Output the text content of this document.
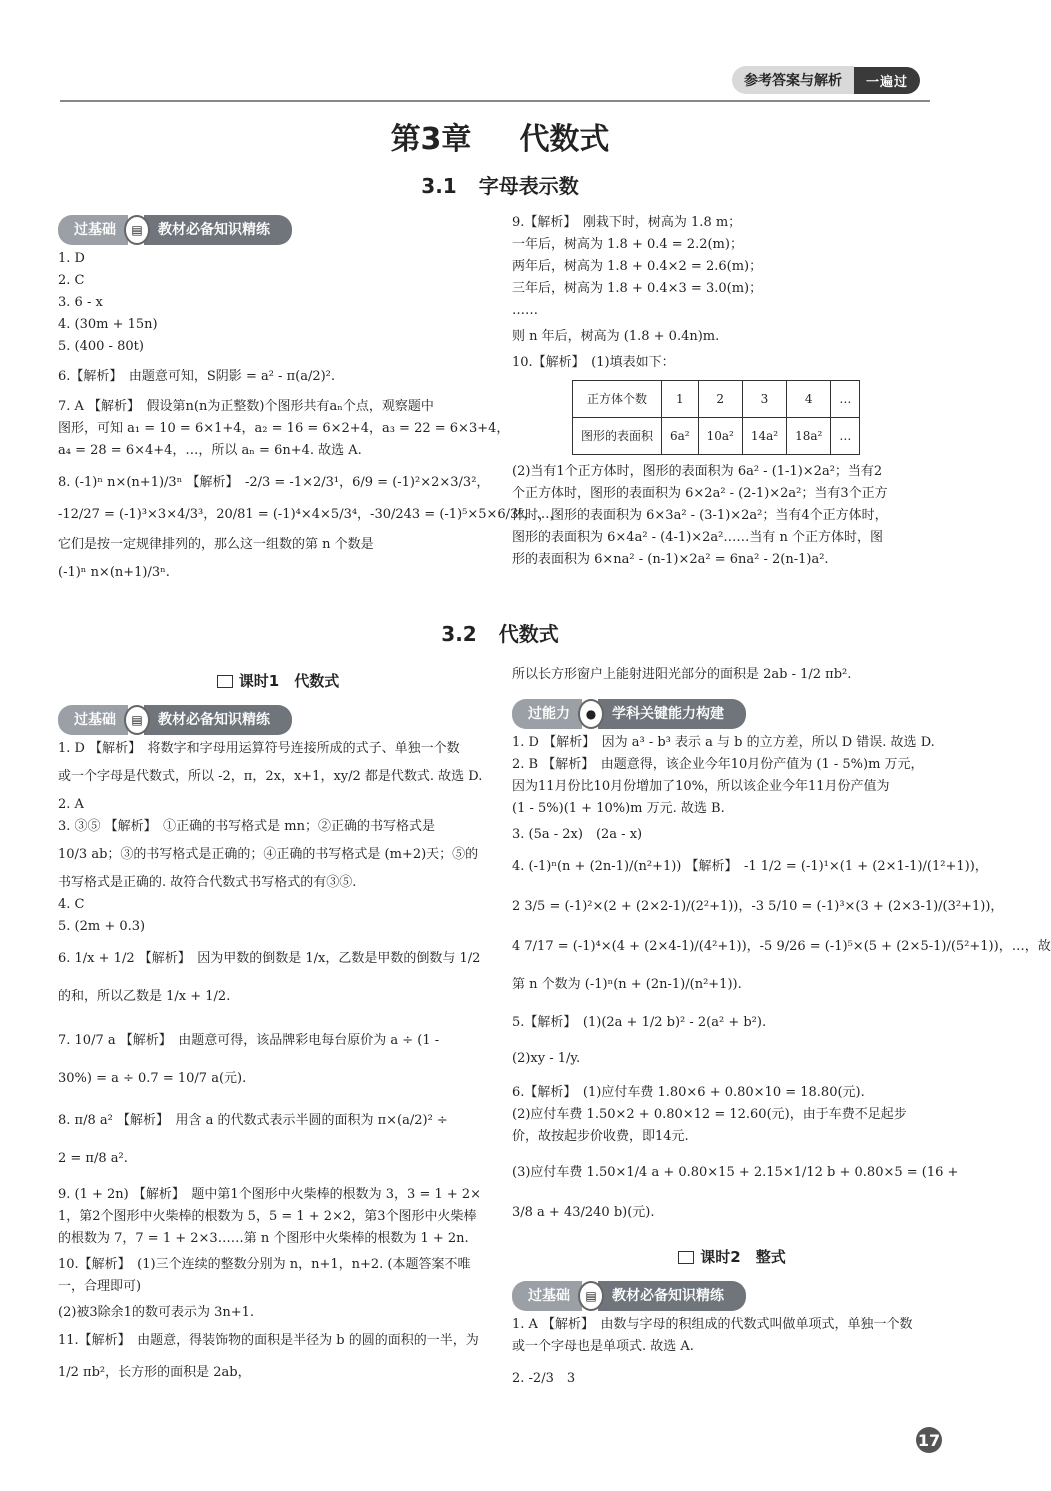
参考答案与解析	一遍过
第3章 代数式
3.1 字母表示数
过基础	▤	教材必备知识精练
1. D
2. C
3. 6 - x
4. (30m + 15n)
5. (400 - 80t)
6.【解析】　由题意可知，S阴影 = a² - π(a/2)².
7. A 【解析】　假设第n(n为正整数)个图形共有aₙ个点，观察题中
图形，可知 a₁ = 10 = 6×1+4，a₂ = 16 = 6×2+4，a₃ = 22 = 6×3+4，
a₄ = 28 = 6×4+4，…，所以 aₙ = 6n+4. 故选 A.
8. (-1)ⁿ n×(n+1)/3ⁿ 【解析】　-2/3 = -1×2/3¹，6/9 = (-1)²×2×3/3²，
-12/27 = (-1)³×3×4/3³，20/81 = (-1)⁴×4×5/3⁴，-30/243 = (-1)⁵×5×6/3⁵，…，
它们是按一定规律排列的，那么这一组数的第 n 个数是
(-1)ⁿ n×(n+1)/3ⁿ.
9.【解析】　刚栽下时，树高为 1.8 m；
一年后，树高为 1.8 + 0.4 = 2.2(m)；
两年后，树高为 1.8 + 0.4×2 = 2.6(m)；
三年后，树高为 1.8 + 0.4×3 = 3.0(m)；
……
则 n 年后，树高为 (1.8 + 0.4n)m.
10.【解析】　(1)填表如下：
正方体个数	1	2	3	4	…
图形的表面积	6a²	10a²	14a²	18a²	…
(2)当有1个正方体时，图形的表面积为 6a² - (1-1)×2a²；当有2
个正方体时，图形的表面积为 6×2a² - (2-1)×2a²；当有3个正方
体时，图形的表面积为 6×3a² - (3-1)×2a²；当有4个正方体时，
图形的表面积为 6×4a² - (4-1)×2a²……当有 n 个正方体时，图
形的表面积为 6×na² - (n-1)×2a² = 6na² - 2(n-1)a².
3.2 代数式
课时1　代数式
过基础	▤	教材必备知识精练
1. D 【解析】　将数字和字母用运算符号连接所成的式子、单独一个数
或一个字母是代数式，所以 -2，π，2x，x+1，xy/2 都是代数式. 故选 D.
2. A
3. ③⑤ 【解析】　①正确的书写格式是 mn；②正确的书写格式是
10/3 ab；③的书写格式是正确的；④正确的书写格式是 (m+2)天；⑤的
书写格式是正确的. 故符合代数式书写格式的有③⑤.
4. C
5. (2m + 0.3)
6. 1/x + 1/2 【解析】　因为甲数的倒数是 1/x，乙数是甲数的倒数与 1/2
的和，所以乙数是 1/x + 1/2.
7. 10/7 a 【解析】　由题意可得，该品牌彩电每台原价为 a ÷ (1 -
30%) = a ÷ 0.7 = 10/7 a(元).
8. π/8 a² 【解析】　用含 a 的代数式表示半圆的面积为 π×(a/2)² ÷
2 = π/8 a².
9. (1 + 2n) 【解析】　题中第1个图形中火柴棒的根数为 3，3 = 1 + 2×
1，第2个图形中火柴棒的根数为 5，5 = 1 + 2×2，第3个图形中火柴棒
的根数为 7，7 = 1 + 2×3……第 n 个图形中火柴棒的根数为 1 + 2n.
10.【解析】　(1)三个连续的整数分别为 n，n+1，n+2. (本题答案不唯
一，合理即可)
(2)被3除余1的数可表示为 3n+1.
11.【解析】　由题意，得装饰物的面积是半径为 b 的圆的面积的一半，为
1/2 πb²，长方形的面积是 2ab，
所以长方形窗户上能射进阳光部分的面积是 2ab - 1/2 πb².
过能力	●	学科关键能力构建
1. D 【解析】　因为 a³ - b³ 表示 a 与 b 的立方差，所以 D 错误. 故选 D.
2. B 【解析】　由题意得，该企业今年10月份产值为 (1 - 5%)m 万元，
因为11月份比10月份增加了10%，所以该企业今年11月份产值为
(1 - 5%)(1 + 10%)m 万元. 故选 B.
3. (5a - 2x)　(2a - x)
4. (-1)ⁿ(n + (2n-1)/(n²+1)) 【解析】　-1 1/2 = (-1)¹×(1 + (2×1-1)/(1²+1))，
2 3/5 = (-1)²×(2 + (2×2-1)/(2²+1))，-3 5/10 = (-1)³×(3 + (2×3-1)/(3²+1))，
4 7/17 = (-1)⁴×(4 + (2×4-1)/(4²+1))，-5 9/26 = (-1)⁵×(5 + (2×5-1)/(5²+1))，…，故
第 n 个数为 (-1)ⁿ(n + (2n-1)/(n²+1)).
5.【解析】　(1)(2a + 1/2 b)² - 2(a² + b²).
(2)xy - 1/y.
6.【解析】　(1)应付车费 1.80×6 + 0.80×10 = 18.80(元).
(2)应付车费 1.50×2 + 0.80×12 = 12.60(元)，由于车费不足起步
价，故按起步价收费，即14元.
(3)应付车费 1.50×1/4 a + 0.80×15 + 2.15×1/12 b + 0.80×5 = (16 +
3/8 a + 43/240 b)(元).
课时2　整式
过基础	▤	教材必备知识精练
1. A 【解析】　由数与字母的积组成的代数式叫做单项式，单独一个数
或一个字母也是单项式. 故选 A.
2. -2/3　3
17
